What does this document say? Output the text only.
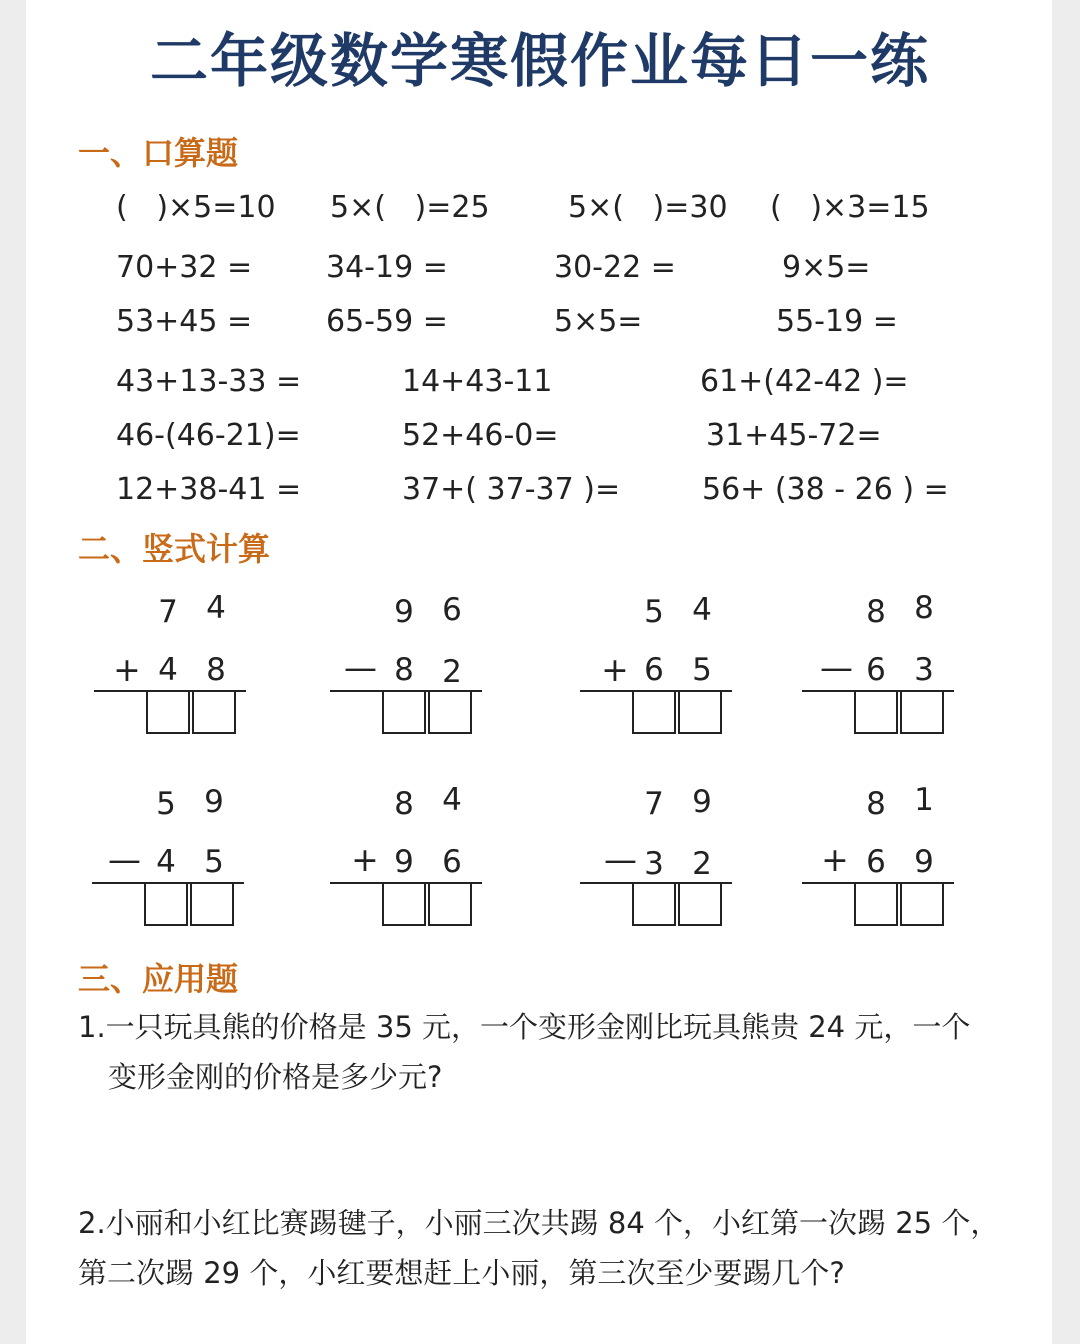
二年级数学寒假作业每日一练
一、口算题
(   )×5=10 5×(   )=25	5×(   )=30 (   )×3=15
70+32 = 34-19 =	30-22 =	9×5=
53+45 = 65-59 =	5×5=	55-19 =
43+13-33 =	14+43-11	61+(42-42 )=
46-(46-21)=	52+46-0=	31+45-72=
12+38-41 =	37+( 37-37 )=	56+ (38 - 26 ) =
二、竖式计算
7 4
+ 4 8
9 6
— 8 2
5 4
+ 6 5
8 8
— 6 3
5 9
— 4 5
8 4
+ 9 6
7 9
— 3 2
8 1
+ 6 9
三、应用题
1.一只玩具熊的价格是 35 元，一个变形金刚比玩具熊贵 24 元，一个
变形金刚的价格是多少元?
2.小丽和小红比赛踢毽子，小丽三次共踢 84 个，小红第一次踢 25 个，
第二次踢 29 个，小红要想赶上小丽，第三次至少要踢几个?
